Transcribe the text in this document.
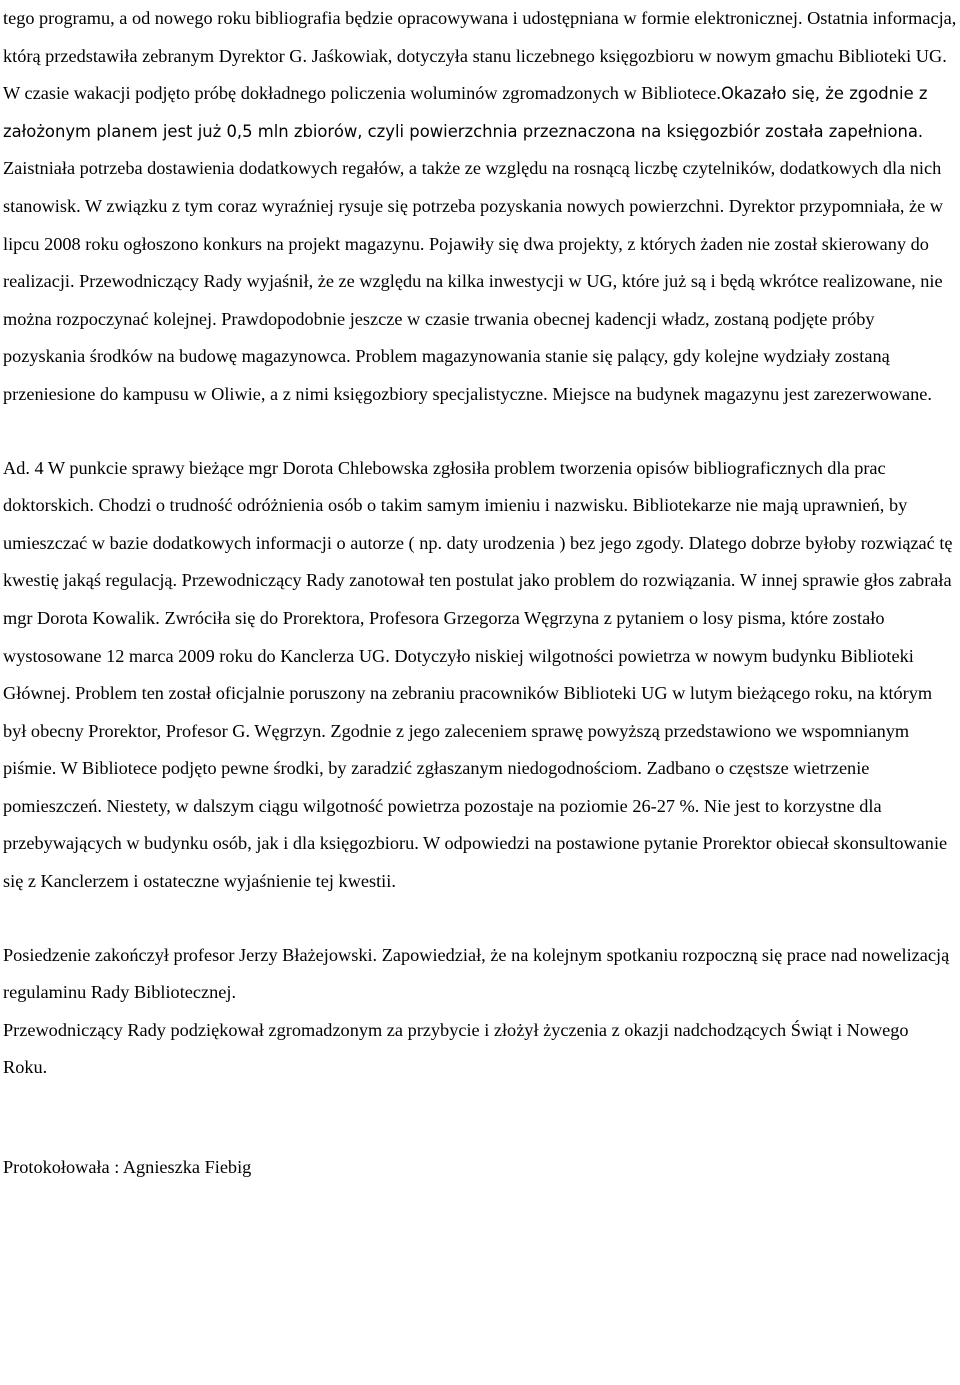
tego programu, a od nowego roku bibliografia będzie opracowywana i udostępniana w formie elektronicznej. Ostatnia informacja, którą przedstawiła zebranym Dyrektor G. Jaśkowiak, dotyczyła stanu liczebnego księgozbioru w nowym gmachu Biblioteki UG. W czasie wakacji podjęto próbę dokładnego policzenia woluminów zgromadzonych w Bibliotece.Okazało się, że zgodnie z założonym planem jest już 0,5 mln zbiorów, czyli powierzchnia przeznaczona na księgozbiór została zapełniona. Zaistniała potrzeba dostawienia dodatkowych regałów, a także ze względu na rosnącą liczbę czytelników, dodatkowych dla nich stanowisk. W związku z tym coraz wyraźniej rysuje się potrzeba pozyskania nowych powierzchni. Dyrektor przypomniała, że w lipcu 2008 roku ogłoszono konkurs na projekt magazynu. Pojawiły się dwa projekty, z których żaden nie został skierowany do realizacji. Przewodniczący Rady wyjaśnił, że ze względu na kilka inwestycji w UG, które już są i będą wkrótce realizowane, nie można rozpoczynać kolejnej. Prawdopodobnie jeszcze w czasie trwania obecnej kadencji władz, zostaną podjęte próby pozyskania środków na budowę magazynowca. Problem magazynowania stanie się palący, gdy kolejne wydziały zostaną przeniesione do kampusu w Oliwie, a z nimi księgozbiory specjalistyczne. Miejsce na budynek magazynu jest zarezerwowane.

Ad. 4 W punkcie sprawy bieżące mgr Dorota Chlebowska zgłosiła problem tworzenia opisów bibliograficznych dla prac doktorskich. Chodzi o trudność odróżnienia osób o takim samym imieniu i nazwisku. Bibliotekarze nie mają uprawnień, by umieszczać w bazie dodatkowych informacji o autorze ( np. daty urodzenia ) bez jego zgody. Dlatego dobrze byłoby rozwiązać tę kwestię jakąś regulacją. Przewodniczący Rady zanotował ten postulat jako problem do rozwiązania. W innej sprawie głos zabrała mgr Dorota Kowalik. Zwróciła się do Prorektora, Profesora Grzegorza Węgrzyna z pytaniem o losy pisma, które zostało wystosowane 12 marca 2009 roku do Kanclerza UG. Dotyczyło niskiej wilgotności powietrza w nowym budynku Biblioteki Głównej. Problem ten został oficjalnie poruszony na zebraniu pracowników Biblioteki UG w lutym bieżącego roku, na którym był obecny Prorektor, Profesor G. Węgrzyn. Zgodnie z jego zaleceniem sprawę powyższą przedstawiono we wspomnianym piśmie. W Bibliotece podjęto pewne środki, by zaradzić zgłaszanym niedogodnościom. Zadbano o częstsze wietrzenie pomieszczeń. Niestety, w dalszym ciągu wilgotność powietrza pozostaje na poziomie 26-27 %. Nie jest to korzystne dla przebywających w budynku osób, jak i dla księgozbioru. W odpowiedzi na postawione pytanie Prorektor obiecał skonsultowanie się z Kanclerzem i ostateczne wyjaśnienie tej kwestii.

Posiedzenie zakończył profesor Jerzy Błażejowski. Zapowiedział, że na kolejnym spotkaniu rozpoczną się prace nad nowelizacją regulaminu Rady Bibliotecznej.

Przewodniczący Rady podziękował zgromadzonym za przybycie i złożył życzenia z okazji nadchodzących Świąt i Nowego Roku.

Protokołowała : Agnieszka Fiebig
